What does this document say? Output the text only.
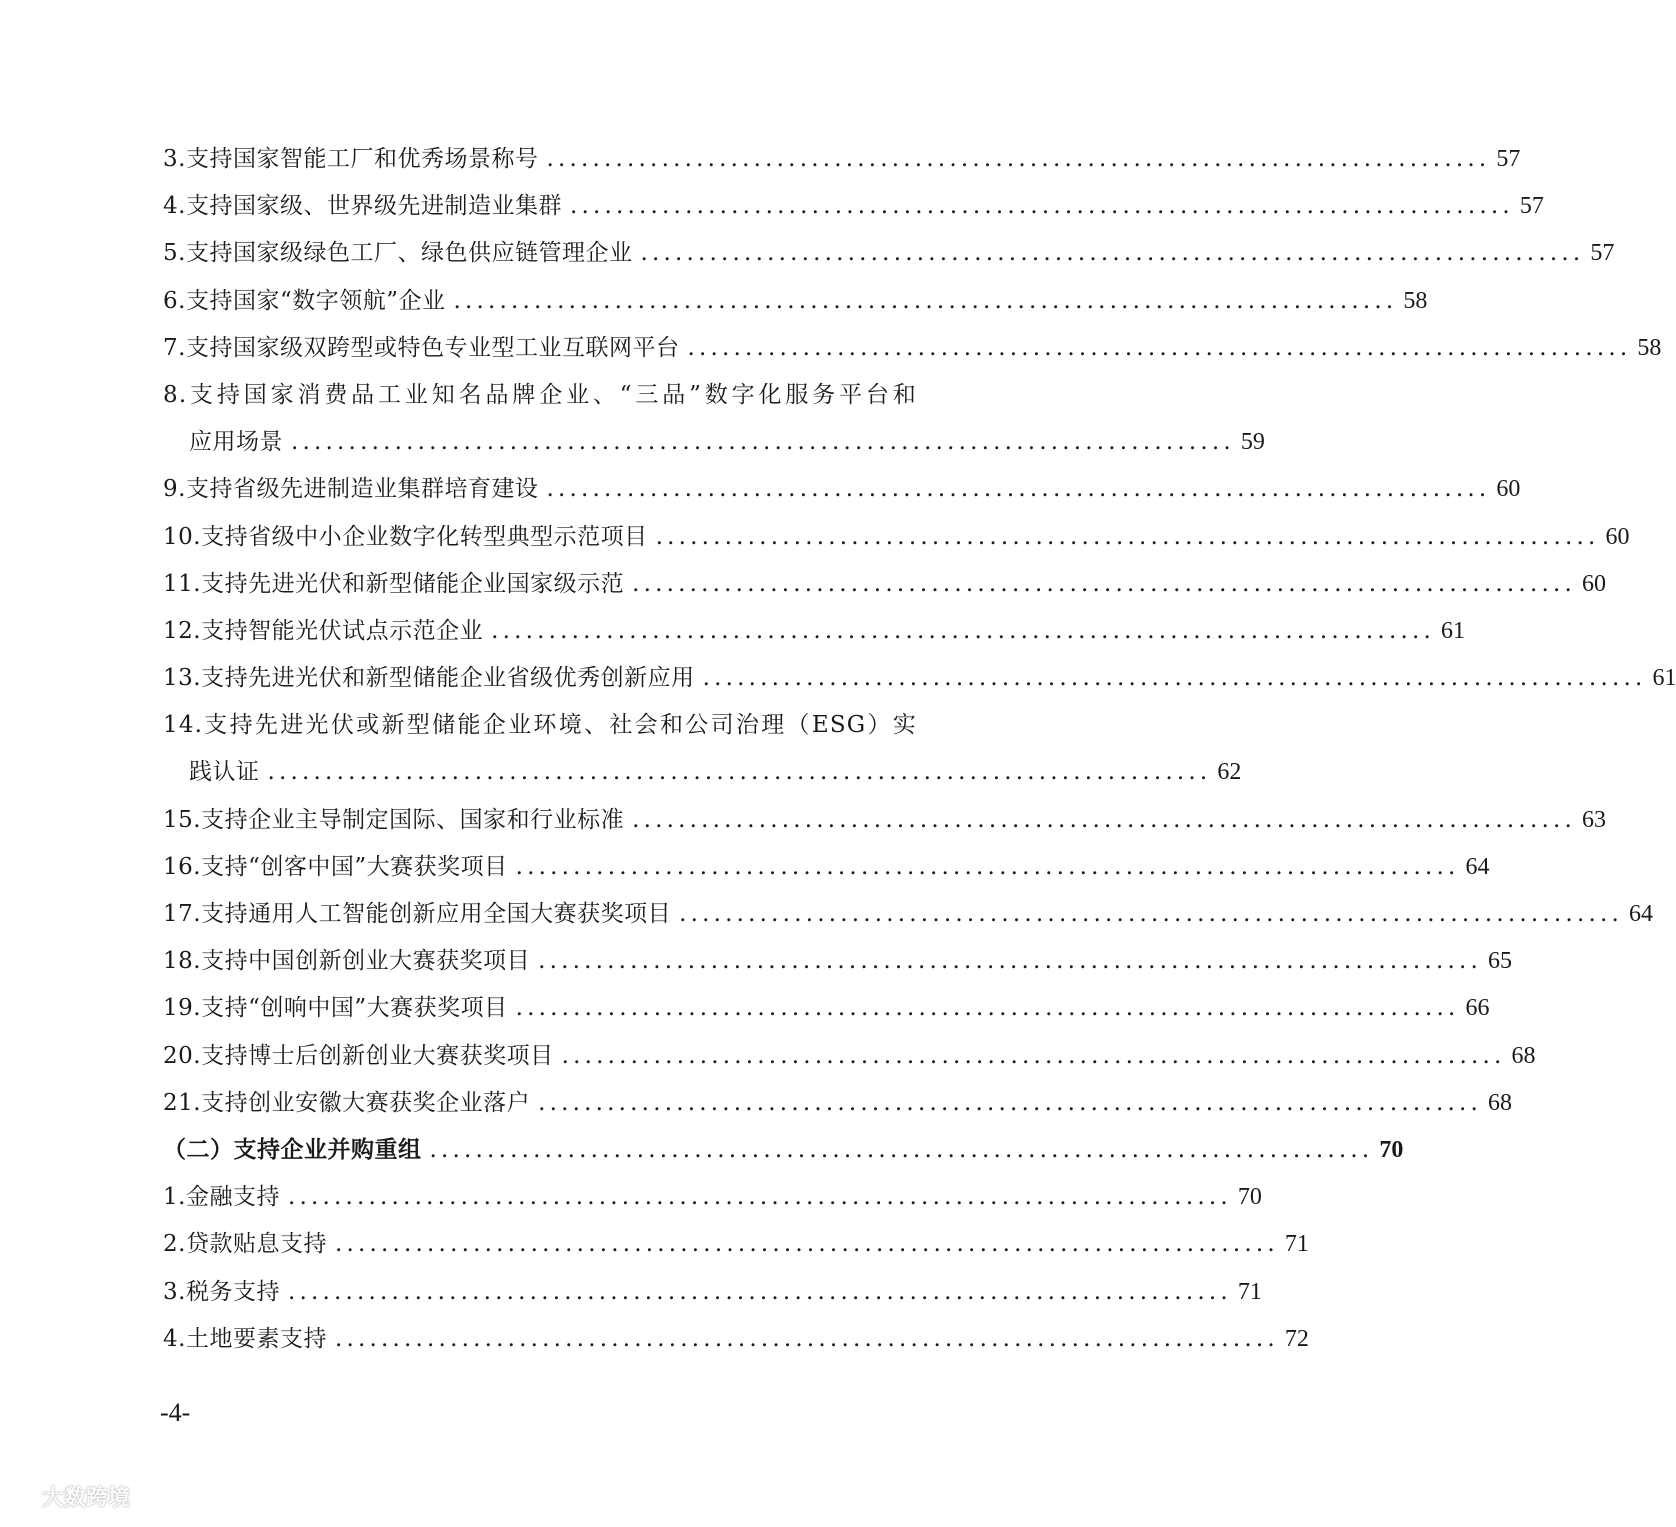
3.支持国家智能工厂和优秀场景称号 .................................................................................. 57
4.支持国家级、世界级先进制造业集群 .................................................................................. 57
5.支持国家级绿色工厂、绿色供应链管理企业 .................................................................................. 57
6.支持国家“数字领航”企业 .................................................................................. 58
7.支持国家级双跨型或特色专业型工业互联网平台 .................................................................................. 58
8.支持国家消费品工业知名品牌企业、“三品”数字化服务平台和
应用场景 .................................................................................. 59
9.支持省级先进制造业集群培育建设 .................................................................................. 60
10.支持省级中小企业数字化转型典型示范项目 .................................................................................. 60
11.支持先进光伏和新型储能企业国家级示范 .................................................................................. 60
12.支持智能光伏试点示范企业 .................................................................................. 61
13.支持先进光伏和新型储能企业省级优秀创新应用 .................................................................................. 61
14.支持先进光伏或新型储能企业环境、社会和公司治理（ESG）实
践认证 .................................................................................. 62
15.支持企业主导制定国际、国家和行业标准 .................................................................................. 63
16.支持“创客中国”大赛获奖项目 .................................................................................. 64
17.支持通用人工智能创新应用全国大赛获奖项目 .................................................................................. 64
18.支持中国创新创业大赛获奖项目 .................................................................................. 65
19.支持“创响中国”大赛获奖项目 .................................................................................. 66
20.支持博士后创新创业大赛获奖项目 .................................................................................. 68
21.支持创业安徽大赛获奖企业落户 .................................................................................. 68
（二）支持企业并购重组 .................................................................................. 70
1.金融支持 .................................................................................. 70
2.贷款贴息支持 .................................................................................. 71
3.税务支持 .................................................................................. 71
4.土地要素支持 .................................................................................. 72
-4-
大数跨境
